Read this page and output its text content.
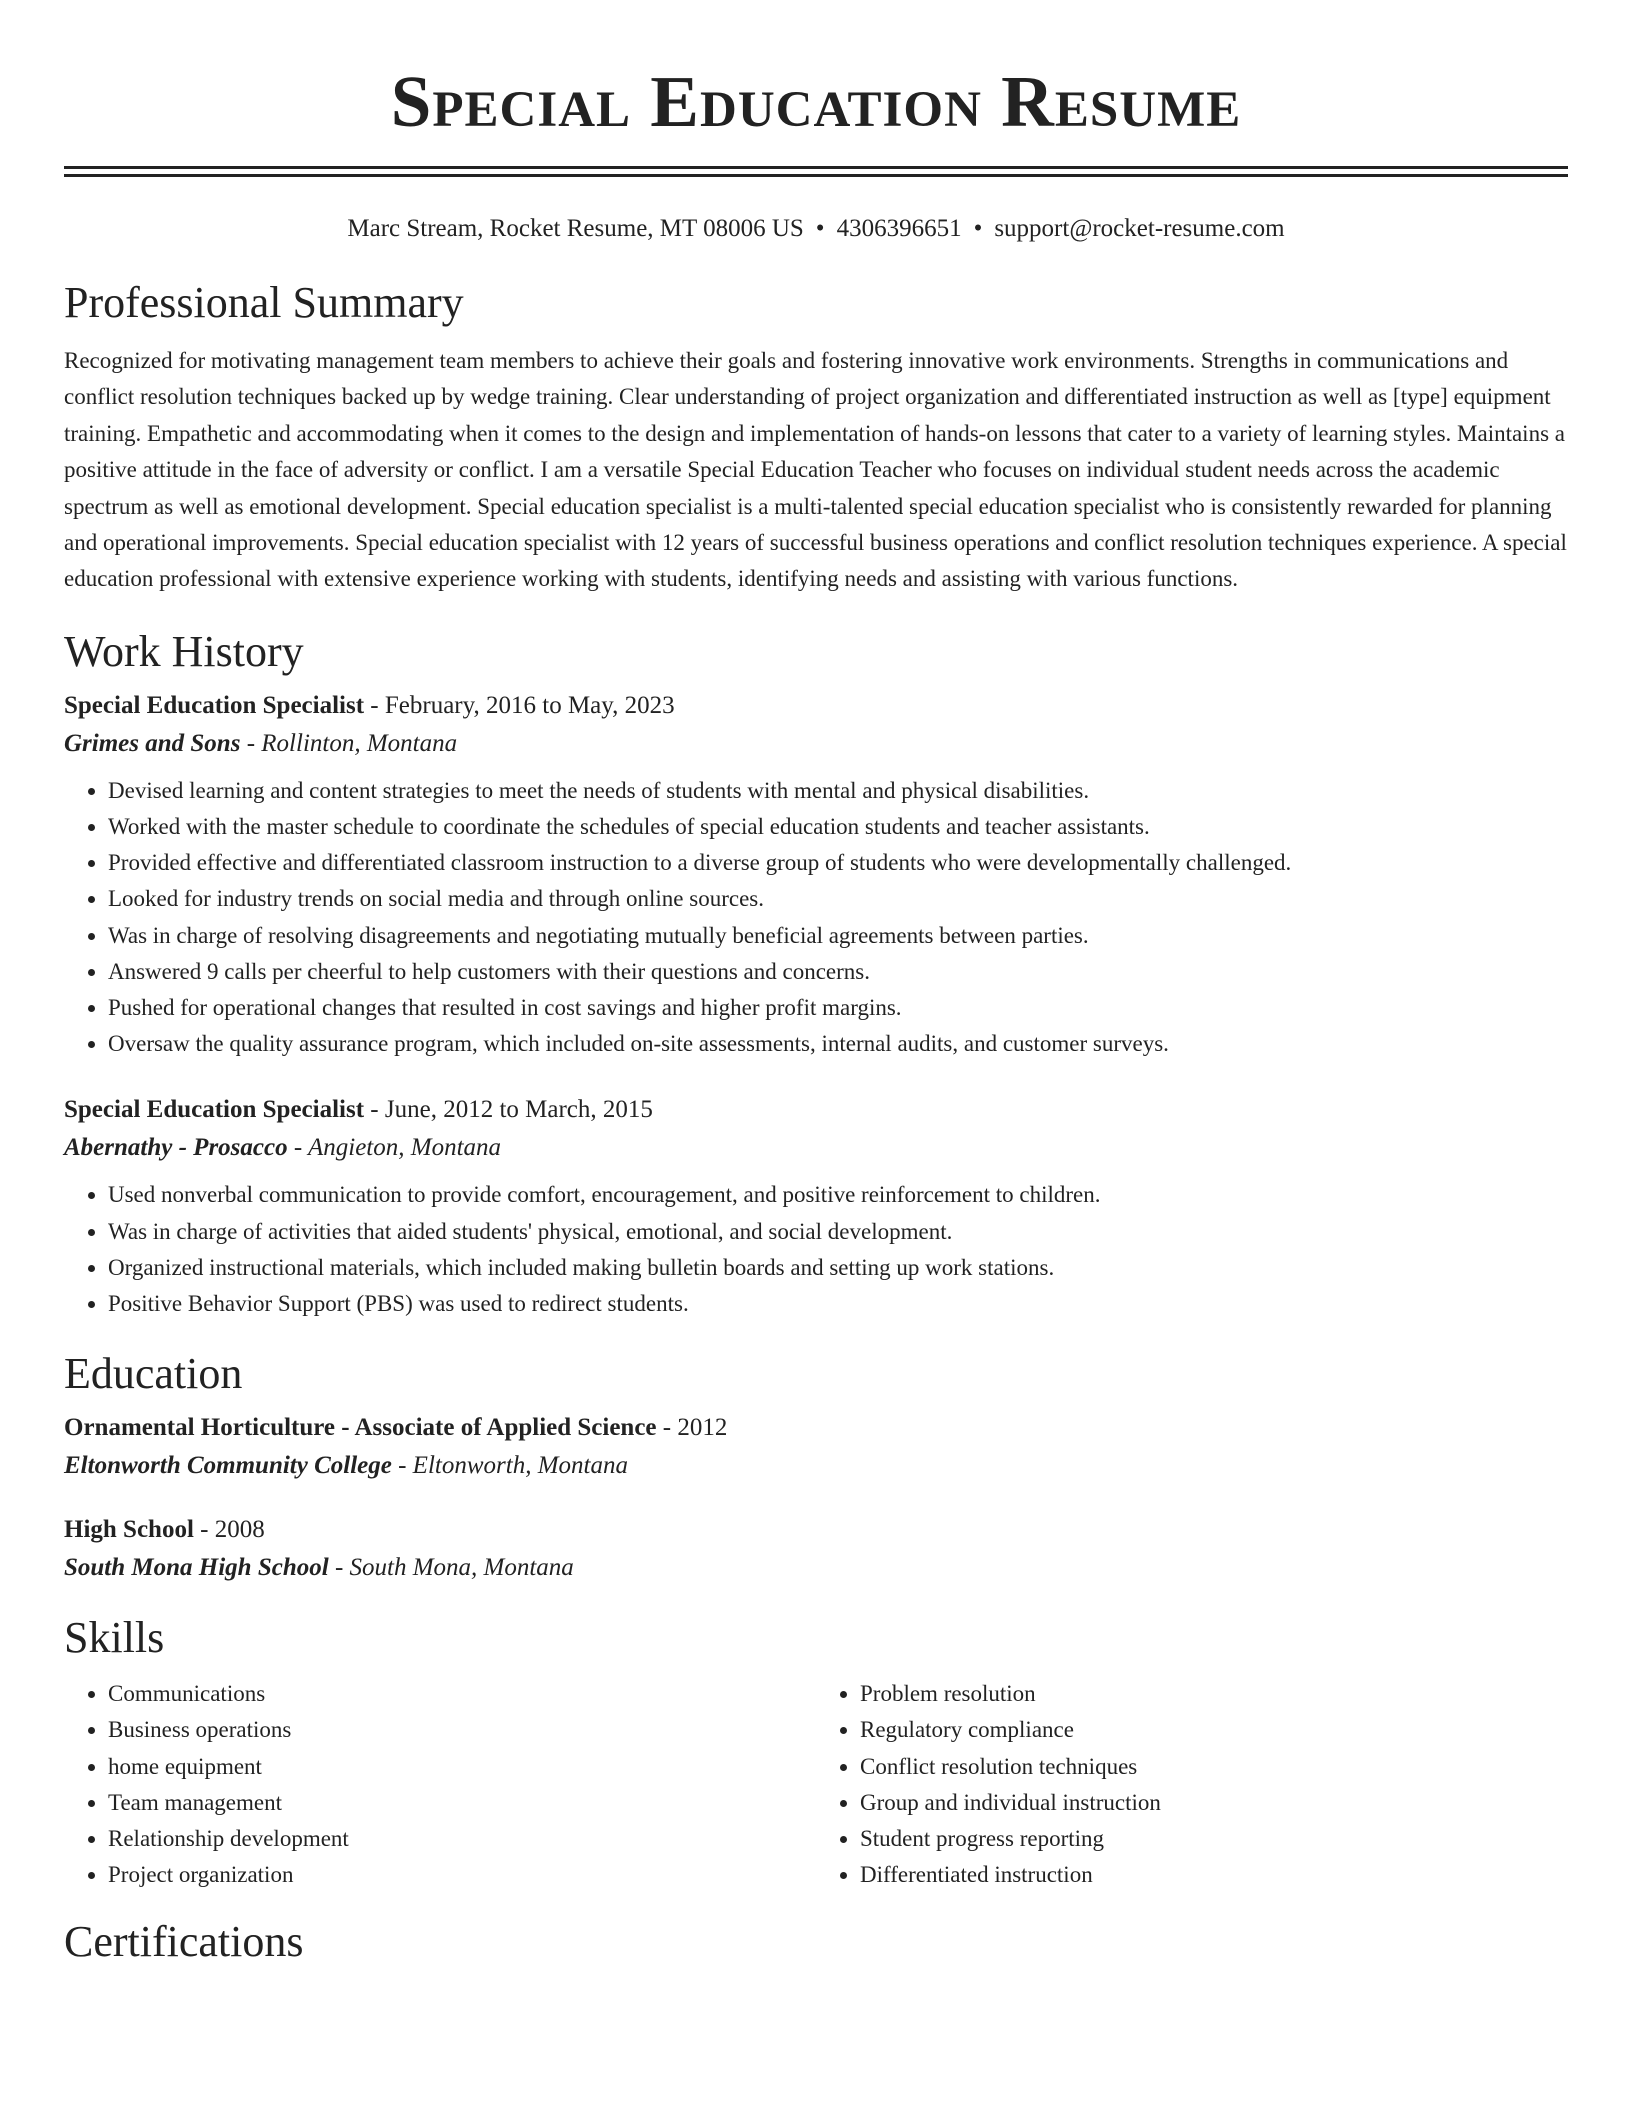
Special Education Resume
Marc Stream, Rocket Resume, MT 08006 US • 4306396651 • support@rocket-resume.com
Professional Summary

Recognized for motivating management team members to achieve their goals and fostering innovative work environments. Strengths in communications and conflict resolution techniques backed up by wedge training. Clear understanding of project organization and differentiated instruction as well as [type] equipment training. Empathetic and accommodating when it comes to the design and implementation of hands-on lessons that cater to a variety of learning styles. Maintains a positive attitude in the face of adversity or conflict. I am a versatile Special Education Teacher who focuses on individual student needs across the academic spectrum as well as emotional development. Special education specialist is a multi-talented special education specialist who is consistently rewarded for planning and operational improvements. Special education specialist with 12 years of successful business operations and conflict resolution techniques experience. A special education professional with extensive experience working with students, identifying needs and assisting with various functions.

Work History

Special Education Specialist - February, 2016 to May, 2023

Grimes and Sons - Rollinton, Montana

• Devised learning and content strategies to meet the needs of students with mental and physical disabilities.
• Worked with the master schedule to coordinate the schedules of special education students and teacher assistants.
• Provided effective and differentiated classroom instruction to a diverse group of students who were developmentally challenged.
• Looked for industry trends on social media and through online sources.
• Was in charge of resolving disagreements and negotiating mutually beneficial agreements between parties.
• Answered 9 calls per cheerful to help customers with their questions and concerns.
• Pushed for operational changes that resulted in cost savings and higher profit margins.
• Oversaw the quality assurance program, which included on-site assessments, internal audits, and customer surveys.

Special Education Specialist - June, 2012 to March, 2015

Abernathy - Prosacco - Angieton, Montana

• Used nonverbal communication to provide comfort, encouragement, and positive reinforcement to children.
• Was in charge of activities that aided students' physical, emotional, and social development.
• Organized instructional materials, which included making bulletin boards and setting up work stations.
• Positive Behavior Support (PBS) was used to redirect students.
Education

Ornamental Horticulture - Associate of Applied Science - 2012

Eltonworth Community College - Eltonworth, Montana

High School - 2008

South Mona High School - South Mona, Montana

Skills
• Communications
• Business operations
• home equipment
• Team management
• Relationship development
• Project organization
• Problem resolution
• Regulatory compliance
• Conflict resolution techniques
• Group and individual instruction
• Student progress reporting
• Differentiated instruction
Certifications
